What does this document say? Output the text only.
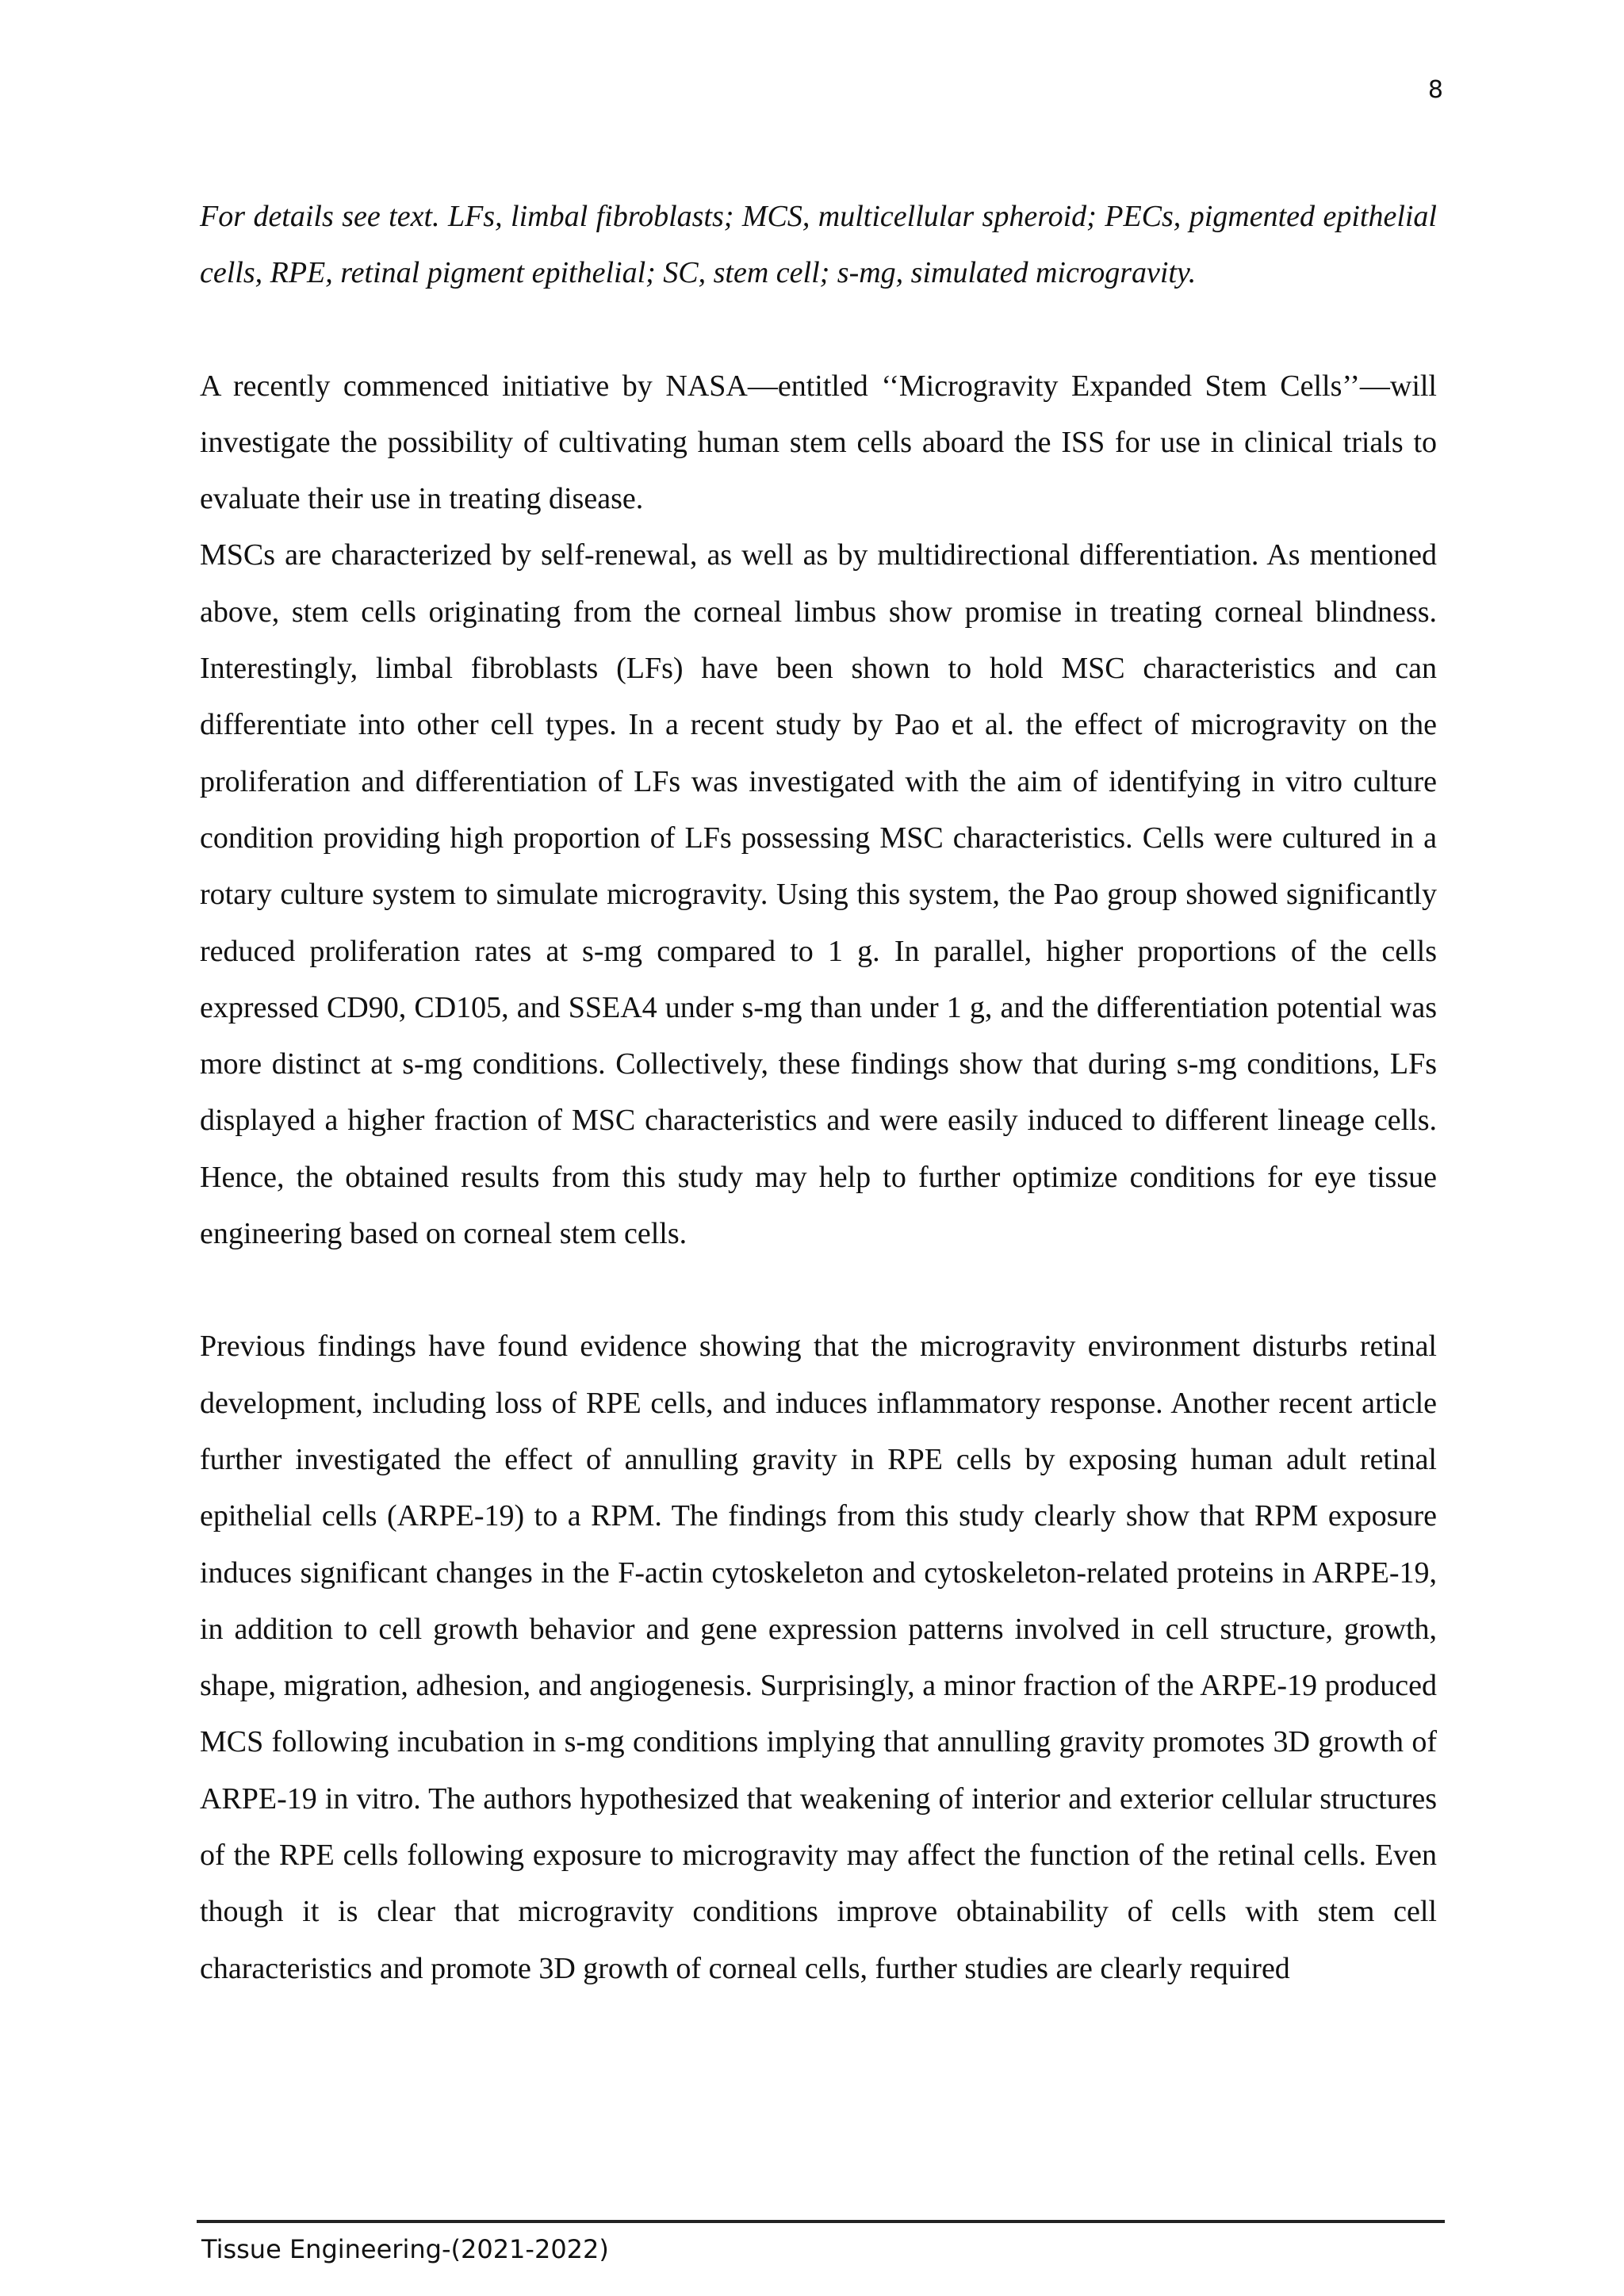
8

For details see text. LFs, limbal fibroblasts; MCS, multicellular spheroid; PECs, pigmented epithelial cells, RPE, retinal pigment epithelial; SC, stem cell; s-mg, simulated microgravity.

A recently commenced initiative by NASA—entitled ‘‘Microgravity Expanded Stem Cells’’—will investigate the possibility of cultivating human stem cells aboard the ISS for use in clinical trials to evaluate their use in treating disease.

MSCs are characterized by self-renewal, as well as by multidirectional differentiation. As mentioned above, stem cells originating from the corneal limbus show promise in treating corneal blindness. Interestingly, limbal fibroblasts (LFs) have been shown to hold MSC characteristics and can differentiate into other cell types. In a recent study by Pao et al. the effect of microgravity on the proliferation and differentiation of LFs was investigated with the aim of identifying in vitro culture condition providing high proportion of LFs possessing MSC characteristics. Cells were cultured in a rotary culture system to simulate microgravity. Using this system, the Pao group showed significantly reduced proliferation rates at s-mg compared to 1 g. In parallel, higher proportions of the cells expressed CD90, CD105, and SSEA4 under s-mg than under 1 g, and the differentiation potential was more distinct at s-mg conditions. Collectively, these findings show that during s-mg conditions, LFs displayed a higher fraction of MSC characteristics and were easily induced to different lineage cells. Hence, the obtained results from this study may help to further optimize conditions for eye tissue engineering based on corneal stem cells.

Previous findings have found evidence showing that the microgravity environment disturbs retinal development, including loss of RPE cells, and induces inflammatory response. Another recent article further investigated the effect of annulling gravity in RPE cells by exposing human adult retinal epithelial cells (ARPE-19) to a RPM. The findings from this study clearly show that RPM exposure induces significant changes in the F-actin cytoskeleton and cytoskeleton-related proteins in ARPE-19, in addition to cell growth behavior and gene expression patterns involved in cell structure, growth, shape, migration, adhesion, and angiogenesis. Surprisingly, a minor fraction of the ARPE-19 produced MCS following incubation in s-mg conditions implying that annulling gravity promotes 3D growth of ARPE-19 in vitro. The authors hypothesized that weakening of interior and exterior cellular structures of the RPE cells following exposure to microgravity may affect the function of the retinal cells. Even though it is clear that microgravity conditions improve obtainability of cells with stem cell characteristics and promote 3D growth of corneal cells, further studies are clearly required

Tissue Engineering-(2021-2022)
